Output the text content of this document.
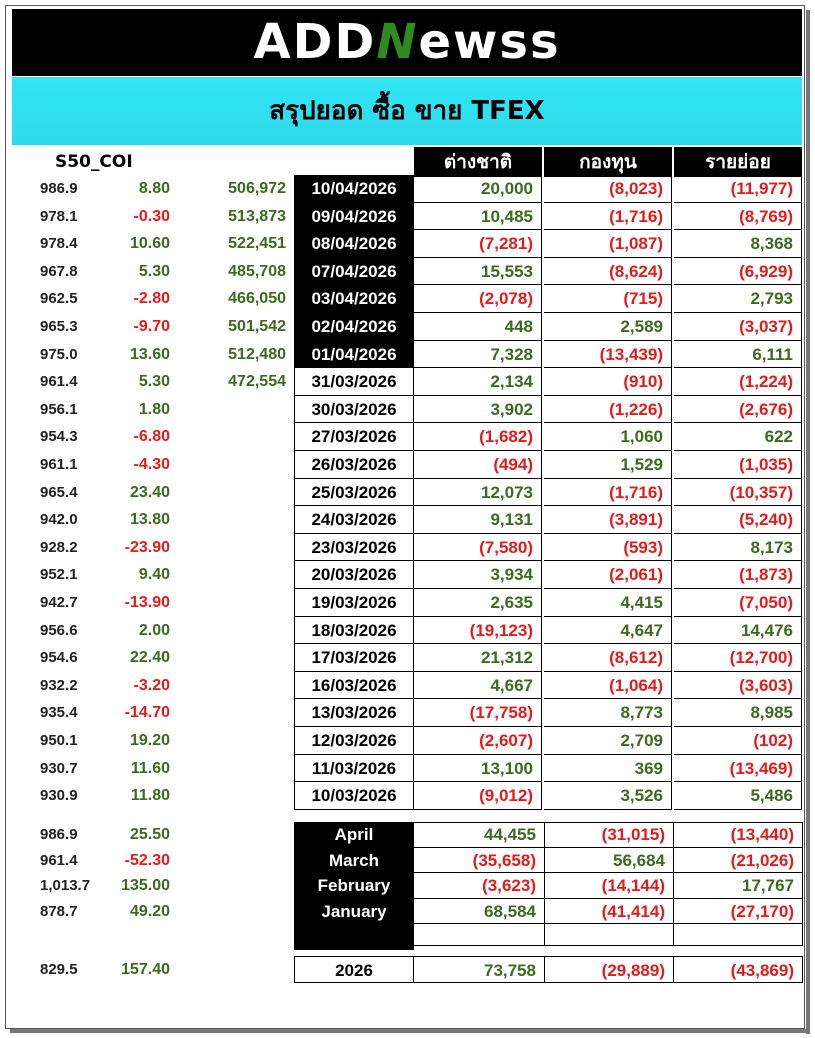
ADDNewss
สรุปยอด ซื้อ ขาย TFEX
S50_COI	ต่างชาติ	กองทุน	รายย่อย
986.9	8.80	506,972	10/04/2026	20,000	(8,023)	(11,977)
978.1	-0.30	513,873	09/04/2026	10,485	(1,716)	(8,769)
978.4	10.60	522,451	08/04/2026	(7,281)	(1,087)	8,368
967.8	5.30	485,708	07/04/2026	15,553	(8,624)	(6,929)
962.5	-2.80	466,050	03/04/2026	(2,078)	(715)	2,793
965.3	-9.70	501,542	02/04/2026	448	2,589	(3,037)
975.0	13.60	512,480	01/04/2026	7,328	(13,439)	6,111
961.4	5.30	472,554	31/03/2026	2,134	(910)	(1,224)
956.1	1.80	30/03/2026	3,902	(1,226)	(2,676)
954.3	-6.80	27/03/2026	(1,682)	1,060	622
961.1	-4.30	26/03/2026	(494)	1,529	(1,035)
965.4	23.40	25/03/2026	12,073	(1,716)	(10,357)
942.0	13.80	24/03/2026	9,131	(3,891)	(5,240)
928.2	-23.90	23/03/2026	(7,580)	(593)	8,173
952.1	9.40	20/03/2026	3,934	(2,061)	(1,873)
942.7	-13.90	19/03/2026	2,635	4,415	(7,050)
956.6	2.00	18/03/2026	(19,123)	4,647	14,476
954.6	22.40	17/03/2026	21,312	(8,612)	(12,700)
932.2	-3.20	16/03/2026	4,667	(1,064)	(3,603)
935.4	-14.70	13/03/2026	(17,758)	8,773	8,985
950.1	19.20	12/03/2026	(2,607)	2,709	(102)
930.7	11.60	11/03/2026	13,100	369	(13,469)
930.9	11.80	10/03/2026	(9,012)	3,526	5,486
986.9	25.50	April	44,455	(31,015)	(13,440)
961.4	-52.30	March	(35,658)	56,684	(21,026)
1,013.7	135.00	February	(3,623)	(14,144)	17,767
878.7	49.20	January	68,584	(41,414)	(27,170)
829.5	157.40	2026	73,758	(29,889)	(43,869)
